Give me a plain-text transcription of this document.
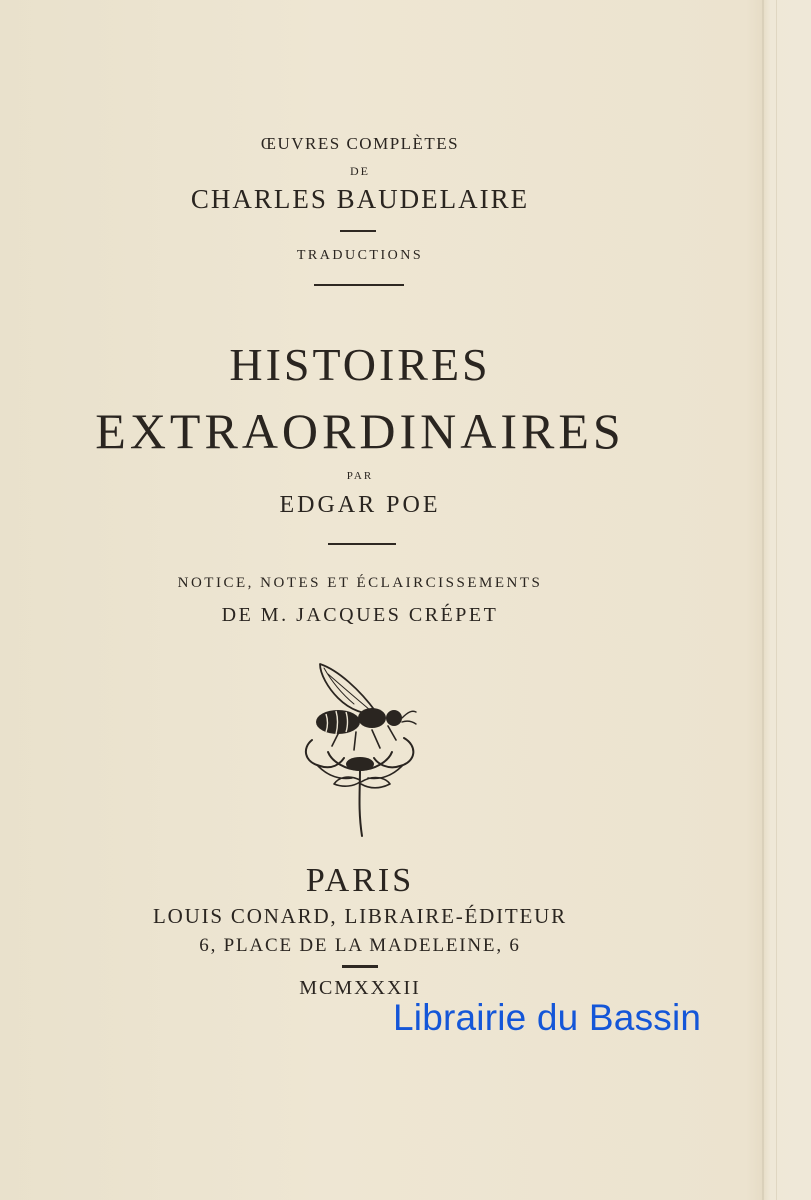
ŒUVRES COMPLÈTES

DE

CHARLES BAUDELAIRE

TRADUCTIONS

HISTOIRES
EXTRAORDINAIRES

PAR

EDGAR POE

NOTICE, NOTES ET ÉCLAIRCISSEMENTS

DE M. JACQUES CRÉPET

PARIS

LOUIS CONARD, LIBRAIRE-ÉDITEUR

6, PLACE DE LA MADELEINE, 6

MCMXXXII

Librairie du Bassin
